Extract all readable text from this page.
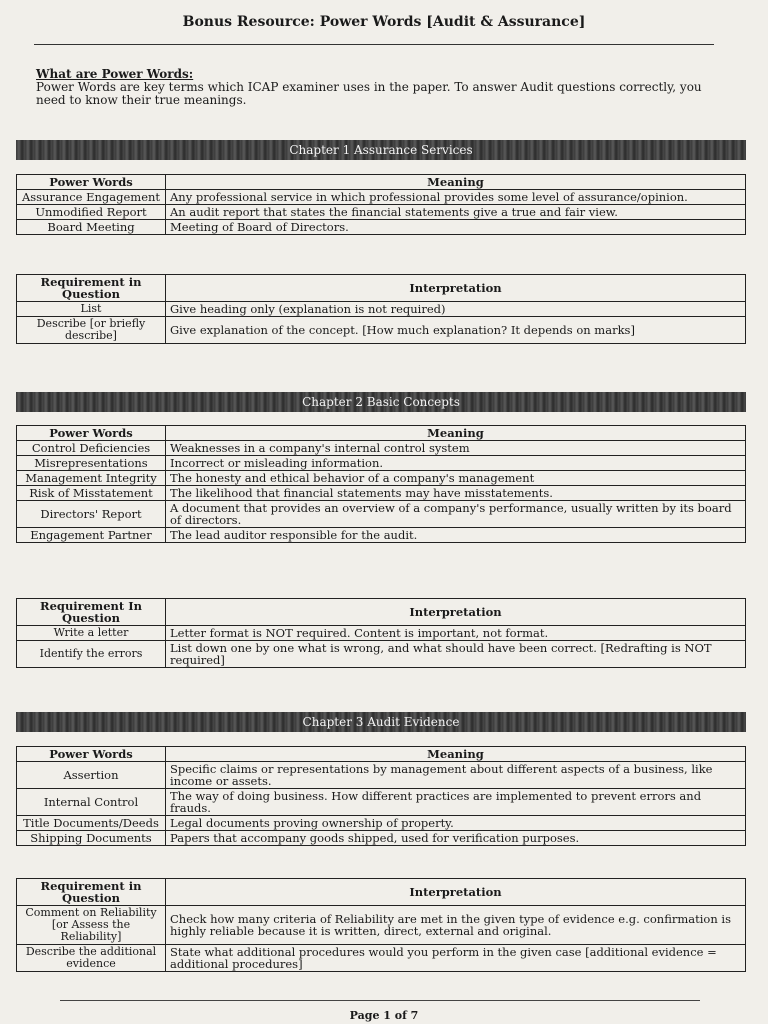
Bonus Resource: Power Words [Audit & Assurance]
What are Power Words:
Power Words are key terms which ICAP examiner uses in the paper. To answer Audit questions correctly, you need to know their true meanings.
Chapter 1 Assurance Services
Power Words	Meaning
Assurance Engagement	Any professional service in which professional provides some level of assurance/opinion.
Unmodified Report	An audit report that states the financial statements give a true and fair view.
Board Meeting	Meeting of Board of Directors.
Requirement in Question	Interpretation
List	Give heading only (explanation is not required)
Describe [or briefly describe]	Give explanation of the concept. [How much explanation? It depends on marks]
Chapter 2 Basic Concepts
Power Words	Meaning
Control Deficiencies	Weaknesses in a company's internal control system
Misrepresentations	Incorrect or misleading information.
Management Integrity	The honesty and ethical behavior of a company's management
Risk of Misstatement	The likelihood that financial statements may have misstatements.
Directors' Report	A document that provides an overview of a company's performance, usually written by its board of directors.
Engagement Partner	The lead auditor responsible for the audit.
Requirement In Question	Interpretation
Write a letter	Letter format is NOT required. Content is important, not format.
Identify the errors	List down one by one what is wrong, and what should have been correct. [Redrafting is NOT required]
Chapter 3 Audit Evidence
Power Words	Meaning
Assertion	Specific claims or representations by management about different aspects of a business, like income or assets.
Internal Control	The way of doing business. How different practices are implemented to prevent errors and frauds.
Title Documents/Deeds	Legal documents proving ownership of property.
Shipping Documents	Papers that accompany goods shipped, used for verification purposes.
Requirement in Question	Interpretation
Comment on Reliability [or Assess the Reliability]	Check how many criteria of Reliability are met in the given type of evidence e.g. confirmation is highly reliable because it is written, direct, external and original.
Describe the additional evidence	State what additional procedures would you perform in the given case [additional evidence = additional procedures]
Page 1 of 7
